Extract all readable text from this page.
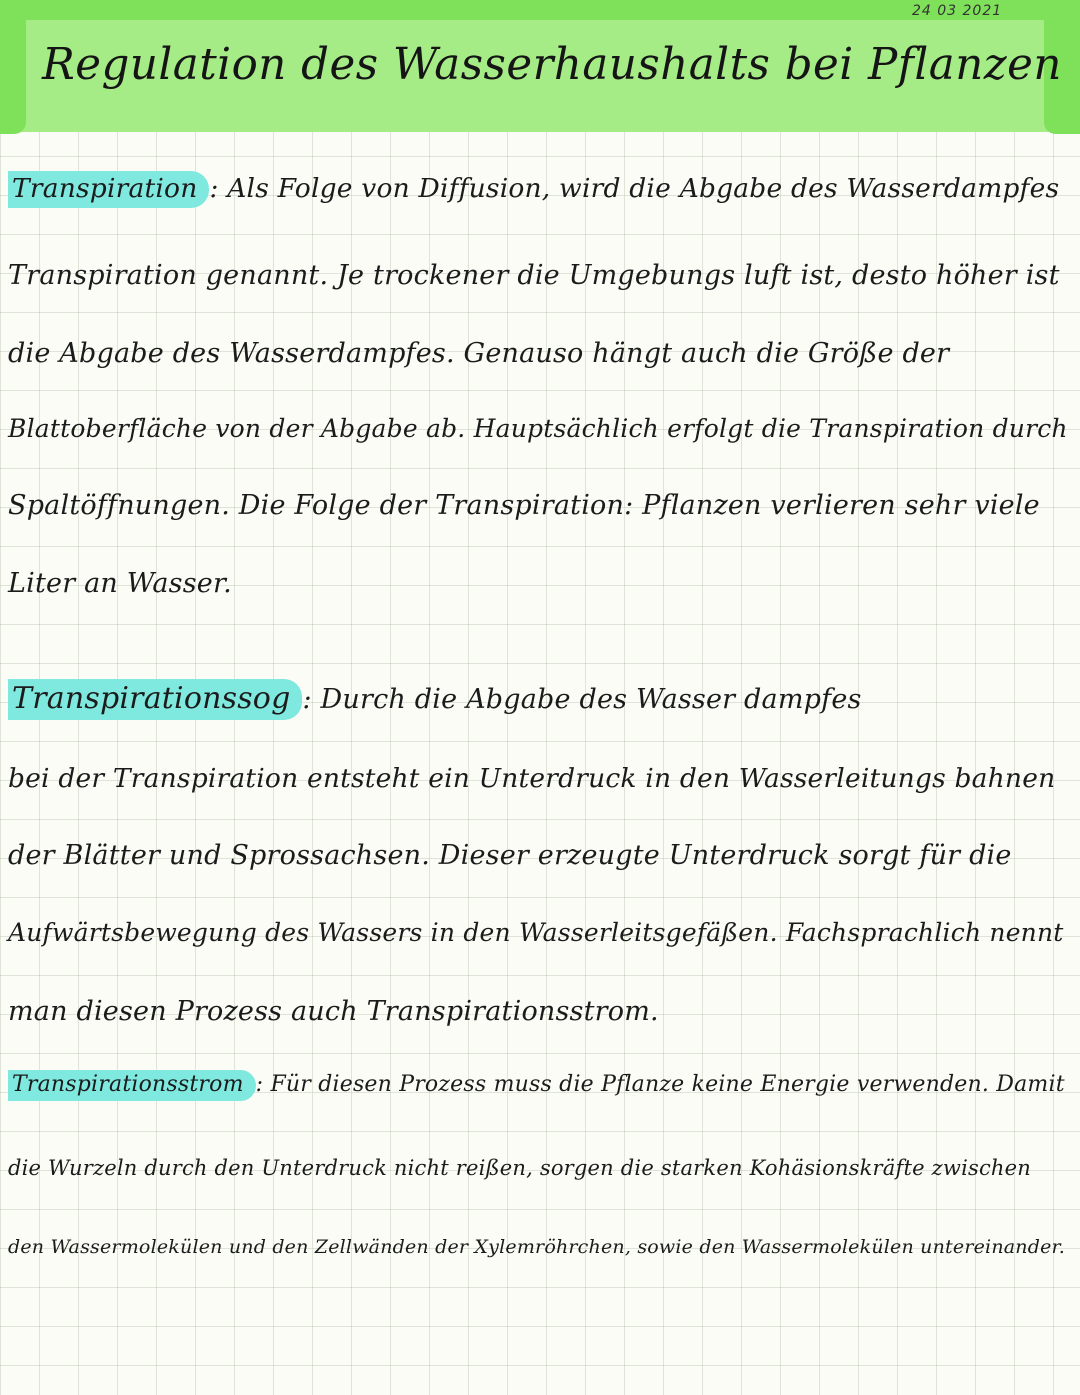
24 03 2021
Regulation des Wasserhaushalts bei Pflanzen
Transpiration : Als Folge von Diffusion, wird die Abgabe des Wasserdampfes
Transpiration genannt. Je trockener die Umgebungs luft ist, desto höher ist
die Abgabe des Wasserdampfes. Genauso hängt auch die Größe der
Blattoberfläche von der Abgabe ab. Hauptsächlich erfolgt die Transpiration durch
Spaltöffnungen. Die Folge der Transpiration: Pflanzen verlieren sehr viele
Liter an Wasser.
Transpirationssog : Durch die Abgabe des Wasser dampfes
bei der Transpiration entsteht ein Unterdruck in den Wasserleitungs bahnen
der Blätter und Sprossachsen. Dieser erzeugte Unterdruck sorgt für die
Aufwärtsbewegung des Wassers in den Wasserleitsgefäßen. Fachsprachlich nennt
man diesen Prozess auch Transpirationsstrom.
Transpirationsstrom : Für diesen Prozess muss die Pflanze keine Energie verwenden. Damit
die Wurzeln durch den Unterdruck nicht reißen, sorgen die starken Kohäsionskräfte zwischen
den Wassermolekülen und den Zellwänden der Xylemröhrchen, sowie den Wassermolekülen untereinander.
